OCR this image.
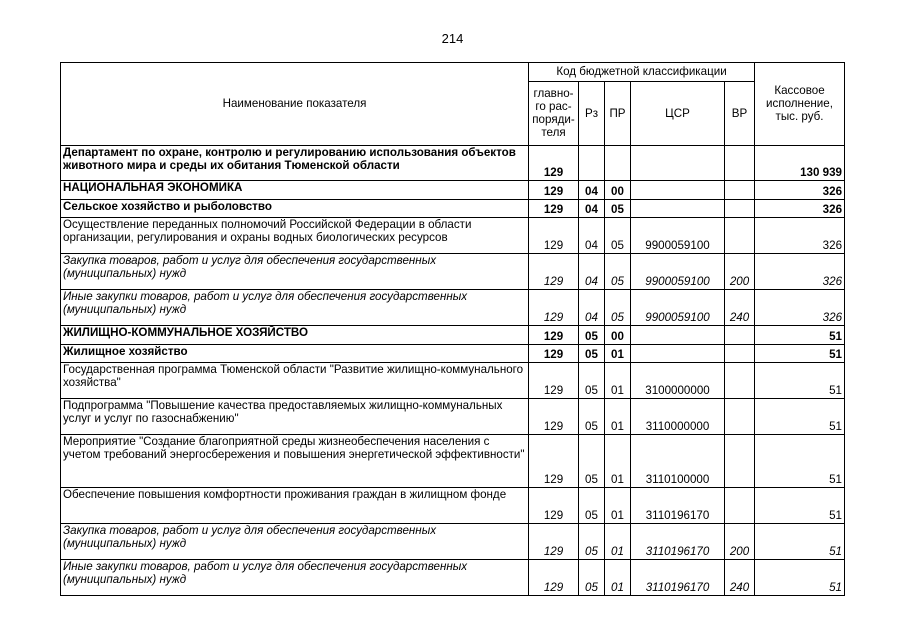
214
Наименование показателя	Код бюджетной классификации					Кассовое исполнение, тыс. руб.
	главно-го рас-поряди-теля	Рз	ПР	ЦСР	ВР	
Департамент по охране, контролю и регулированию использования объектов животного мира и среды их обитания Тюменской области	129					130 939
НАЦИОНАЛЬНАЯ ЭКОНОМИКА	129	04	00			326
Сельское хозяйство и рыболовство	129	04	05			326
Осуществление переданных полномочий Российской Федерации в области организации, регулирования и охраны водных биологических ресурсов	129	04	05	9900059100		326
Закупка товаров, работ и услуг для обеспечения государственных (муниципальных) нужд	129	04	05	9900059100	200	326
Иные закупки товаров, работ и услуг для обеспечения государственных (муниципальных) нужд	129	04	05	9900059100	240	326
ЖИЛИЩНО-КОММУНАЛЬНОЕ ХОЗЯЙСТВО	129	05	00			51
Жилищное хозяйство	129	05	01			51
Государственная программа Тюменской области "Развитие жилищно-коммунального хозяйства"	129	05	01	3100000000		51
Подпрограмма "Повышение качества предоставляемых жилищно-коммунальных услуг и услуг по газоснабжению"	129	05	01	3110000000		51
Мероприятие "Создание благоприятной среды жизнеобеспечения населения с учетом требований энергосбережения и повышения энергетической эффективности"	129	05	01	3110100000		51
Обеспечение повышения комфортности проживания граждан в жилищном фонде	129	05	01	3110196170		51
Закупка товаров, работ и услуг для обеспечения государственных (муниципальных) нужд	129	05	01	3110196170	200	51
Иные закупки товаров, работ и услуг для обеспечения государственных (муниципальных) нужд	129	05	01	3110196170	240	51
